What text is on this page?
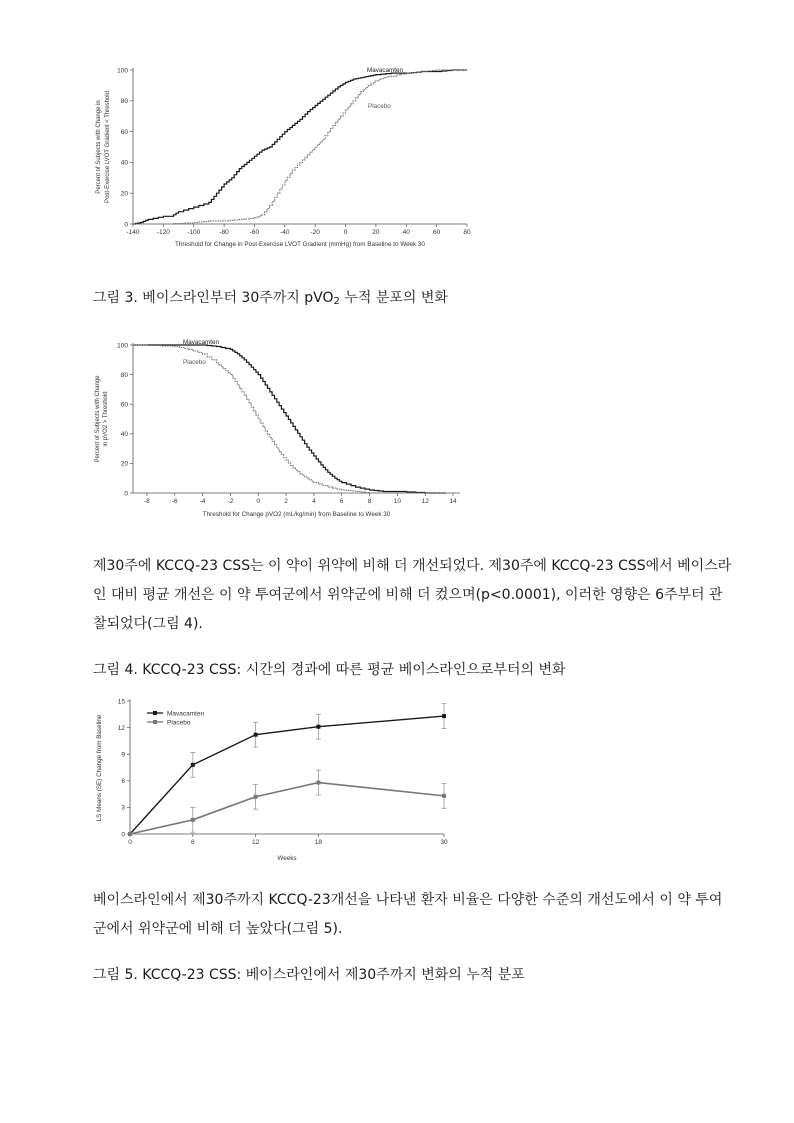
-140	-120	-100	-80	-60	-40	-20	0	20	40	60	80
0
20
40
60
80
100
Threshold for Change in Post-Exercise LVOT Gradient (mmHg) from Baseline to Week 30
Percent of Subjects with Change in Post-Exercise LVOT Gradient < Threshold
Mavacamten
Placebo
그림 3. 베이스라인부터 30주까지 pVO$_2$ 누적 분포의 변화
-8	-6	-4	-2	0	2	4	6	8	10	12	14
0
20
40
60
80
100
Threshold for Change pVO2 (mL/kg/min) from Baseline to Week 30
Percent of Subjects with Change in pVO2 > Threshold
Mavacamten
Placebo
제30주에 KCCQ-23 CSS는 이 약이 위약에 비해 더 개선되었다. 제30주에 KCCQ-23 CSS에서 베이스라인 대비 평균 개선은 이 약 투여군에서 위약군에 비해 더 컸으며(p<0.0001), 이러한 영향은 6주부터 관찰되었다(그림 4).
그림 4. KCCQ-23 CSS: 시간의 경과에 따른 평균 베이스라인으로부터의 변화
0	6	12	18	30
0
3
6
9
12
15
Weeks
LS Means (SE) Change from Baseline
Mavacamten
Placebo
베이스라인에서 제30주까지 KCCQ-23개선을 나타낸 환자 비율은 다양한 수준의 개선도에서 이 약 투여군에서 위약군에 비해 더 높았다(그림 5).
그림 5. KCCQ-23 CSS: 베이스라인에서 제30주까지 변화의 누적 분포
